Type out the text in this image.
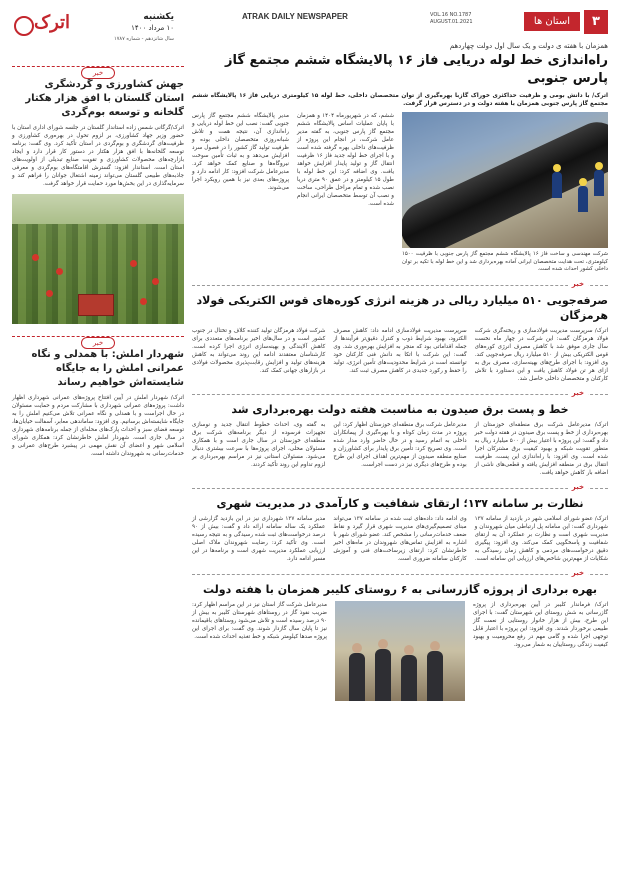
۳
استان ها
VOL.16 NO.1787 AUGUST.01.2021
ATRAK DAILY NEWSPAPER
اترک	یکشنبه
۱۰ مرداد ۱۴۰۰
سال شانزدهم - شماره ۱۷۸۷
خبر
جهش کشاورزی و گردشگری استان گلستان با افق هزار هکتار گلخانه و توسعه بوم‌گردی
اترک/گرگانی شمس زاده استاندار گلستان در جلسه شورای اداری استان با حضور وزیر جهاد کشاورزی، بر لزوم تحول در بهره‌وری کشاورزی و ظرفیت‌های گردشگری و بوم‌گردی در استان تأکید کرد. وی گفت: برنامه توسعه گلخانه‌ها با افق هزار هکتار در دستور کار قرار دارد و ایجاد بازارچه‌های محصولات کشاورزی و تقویت صنایع تبدیلی از اولویت‌های استان است. استاندار افزود: گسترش اقامتگاه‌های بوم‌گردی و معرفی جاذبه‌های طبیعی گلستان می‌تواند زمینه اشتغال جوانان را فراهم کند و سرمایه‌گذاری در این بخش‌ها مورد حمایت قرار خواهد گرفت.
خبر
شهردار املش: با همدلی و نگاه عمرانی املش را به جایگاه شایسته‌اش خواهیم رساند
اترک/ شهردار املش در آیین افتتاح پروژه‌های عمرانی شهرداری اظهار داشت: پروژه‌های عمرانی شهرداری با مشارکت مردم و حمایت مسئولان در حال اجراست و با همدلی و نگاه عمرانی تلاش می‌کنیم املش را به جایگاه شایسته‌اش برسانیم. وی افزود: ساماندهی معابر، آسفالت خیابان‌ها، توسعه فضای سبز و احداث پارک‌های محله‌ای از جمله برنامه‌های شهرداری در سال جاری است. شهردار املش خاطرنشان کرد: همکاری شورای اسلامی شهر و اعضای آن نقش مهمی در پیشبرد طرح‌های عمرانی و خدمات‌رسانی به شهروندان داشته است.
همزمان با هفته ی دولت و یک سال اول دولت چهاردهم
راه‌اندازی خط لوله دریایی فاز ۱۶ پالایشگاه ششم مجتمع گاز پارس جنوبی
اترک/ با دانش بومی و ظرفیت حداکثری خوراک گازبا بهره‌گیری از توان متخصصان داخلی، خط لوله ۱۵ کیلومتری دریایی فاز ۱۶ پالایشگاه ششم مجتمع گاز پارس جنوبی همزمان با هفته دولت و در دسترس قرار گرفت.
شرکت مهندسی و ساخت فاز ۱۶ پالایشگاه ششم مجتمع گاز پارس جنوبی با ظرفیت ۱۵۰۰ کیلومتری، تحت هدایت متخصصان ایرانی آماده بهره‌برداری شد و این خط لوله با تکیه بر توان داخلی کشور احداث شده است.
ششم، که در شهریورماه ۱۴۰۴ و همزمان با پایان عملیات اساس پالایشگاه ششم مجتمع گاز پارس جنوبی، به گفته مدیر عامل شرکت، در انجام این پروژه از ظرفیت‌های داخلی بهره گرفته شده است و با اجرای خط لوله جدید فاز ۱۶ ظرفیت انتقال گاز و تولید پایدار افزایش خواهد یافت. وی اضافه کرد: این خط لوله با طول ۱۵ کیلومتر و در عمق ۹۰ متری دریا نصب شده و تمام مراحل طراحی، ساخت و نصب آن توسط متخصصان ایرانی انجام شده است.
مدیر پالایشگاه ششم مجتمع گاز پارس جنوبی گفت: نصب این خط لوله دریایی و راه‌اندازی آن، نتیجه همت و تلاش شبانه‌روزی متخصصان داخلی بوده و ظرفیت تولید گاز کشور را در فصول سرد افزایش می‌دهد و به ثبات تأمین سوخت نیروگاه‌ها و صنایع کمک خواهد کرد. مدیرعامل شرکت افزود: کار ادامه دارد و پروژه‌های بعدی نیز با همین رویکرد اجرا می‌شوند.
خبر
صرفه‌جویی ۵۱۰ میلیارد ریالی در هزینه انرژی کوره‌های قوس الکتریکی فولاد هرمزگان
اترک/ سرپرست مدیریت فولادسازی و ریخته‌گری شرکت فولاد هرمزگان گفت: این شرکت در چهار ماه نخست سال جاری موفق شد با کاهش مصرف انرژی کوره‌های قوس الکتریکی بیش از ۵۱۰ میلیارد ریال صرفه‌جویی کند. وی افزود: با اجرای طرح‌های بهینه‌سازی، مصرف برق به ازای هر تن فولاد کاهش یافت و این دستاورد با تلاش کارکنان و متخصصان داخلی حاصل شد.
سرپرست مدیریت فولادسازی ادامه داد: کاهش مصرف الکترود، بهبود شرایط ذوب و کنترل دقیق‌تر فرآیندها از جمله اقداماتی بود که منجر به افزایش بهره‌وری شد. وی گفت: این شرکت با اتکا به دانش فنی کارکنان خود توانسته است در شرایط محدودیت‌های تأمین انرژی، تولید را حفظ و رکورد جدیدی در کاهش مصرف ثبت کند.
شرکت فولاد هرمزگان تولید کننده کلاف و تختال در جنوب کشور است و در سال‌های اخیر برنامه‌های متعددی برای کاهش آلایندگی و بهینه‌سازی انرژی اجرا کرده است. کارشناسان معتقدند ادامه این روند می‌تواند به کاهش هزینه‌های تولید و افزایش رقابت‌پذیری محصولات فولادی در بازارهای جهانی کمک کند.
خبر
خط و پست برق صیدون به مناسبت هفته دولت بهره‌برداری شد
اترک/ مدیرعامل شرکت برق منطقه‌ای خوزستان از بهره‌برداری از خط و پست برق صیدون در هفته دولت خبر داد و گفت: این پروژه با اعتبار بیش از ۵۰۰ میلیارد ریال به منظور تقویت شبکه و بهبود کیفیت برق مشترکان اجرا شده است. وی افزود: با راه‌اندازی این پست، ظرفیت انتقال برق در منطقه افزایش یافته و قطعی‌های ناشی از اضافه بار کاهش خواهد یافت.
مدیرعامل شرکت برق منطقه‌ای خوزستان اظهار کرد: این پروژه در مدت زمان کوتاه و با بهره‌گیری از پیمانکاران داخلی به اتمام رسید و در حال حاضر وارد مدار شده است. وی تصریح کرد: تأمین برق پایدار برای کشاورزان و صنایع منطقه صیدون از مهم‌ترین اهداف اجرای این طرح بوده و طرح‌های دیگری نیز در دست اجراست.
به گفته وی، احداث خطوط انتقال جدید و نوسازی تجهیزات فرسوده از دیگر برنامه‌های شرکت برق منطقه‌ای خوزستان در سال جاری است و با همکاری مسئولان محلی، اجرای پروژه‌ها با سرعت بیشتری دنبال می‌شود. مسئولان استانی نیز در مراسم بهره‌برداری بر لزوم تداوم این روند تأکید کردند.
خبر
نظارت بر سامانه ۱۳۷؛ ارتقای شفافیت و کارآمدی در مدیریت شهری
اترک/ عضو شورای اسلامی شهر در بازدید از سامانه ۱۳۷ شهرداری گفت: این سامانه پل ارتباطی میان شهروندان و مدیریت شهری است و نظارت بر عملکرد آن به ارتقای شفافیت و پاسخگویی کمک می‌کند. وی افزود: پیگیری دقیق درخواست‌های مردمی و کاهش زمان رسیدگی به شکایات از مهم‌ترین شاخص‌های ارزیابی این سامانه است.
وی ادامه داد: داده‌های ثبت شده در سامانه ۱۳۷ می‌تواند مبنای تصمیم‌گیری‌های مدیریت شهری قرار گیرد و نقاط ضعف خدمات‌رسانی را مشخص کند. عضو شورای شهر با اشاره به افزایش تماس‌های شهروندان در ماه‌های اخیر خاطرنشان کرد: ارتقای زیرساخت‌های فنی و آموزش کارکنان سامانه ضروری است.
مدیر سامانه ۱۳۷ شهرداری نیز در این بازدید گزارشی از عملکرد یک ساله سامانه ارائه داد و گفت: بیش از ۹۰ درصد درخواست‌های ثبت شده رسیدگی و به نتیجه رسیده است. وی تأکید کرد: رضایت شهروندان ملاک اصلی ارزیابی عملکرد مدیریت شهری است و برنامه‌ها در این مسیر ادامه دارد.
خبر
بهره برداری از پروژه گازرسانی به ۶ روستای کلیبر همزمان با هفته دولت
اترک/ فرماندار کلیبر در آیین بهره‌برداری از پروژه گازرسانی به شش روستای این شهرستان گفت: با اجرای این طرح، بیش از هزار خانوار روستایی از نعمت گاز طبیعی برخوردار شدند. وی افزود: این پروژه با اعتبار قابل توجهی اجرا شده و گامی مهم در رفع محرومیت و بهبود کیفیت زندگی روستاییان به شمار می‌رود.
مدیرعامل شرکت گاز استان نیز در این مراسم اظهار کرد: ضریب نفوذ گاز در روستاهای شهرستان کلیبر به بیش از ۹۰ درصد رسیده است و تلاش می‌شود روستاهای باقیمانده نیز تا پایان سال گازدار شوند. وی گفت: برای اجرای این پروژه صدها کیلومتر شبکه و خط تغذیه احداث شده است.
